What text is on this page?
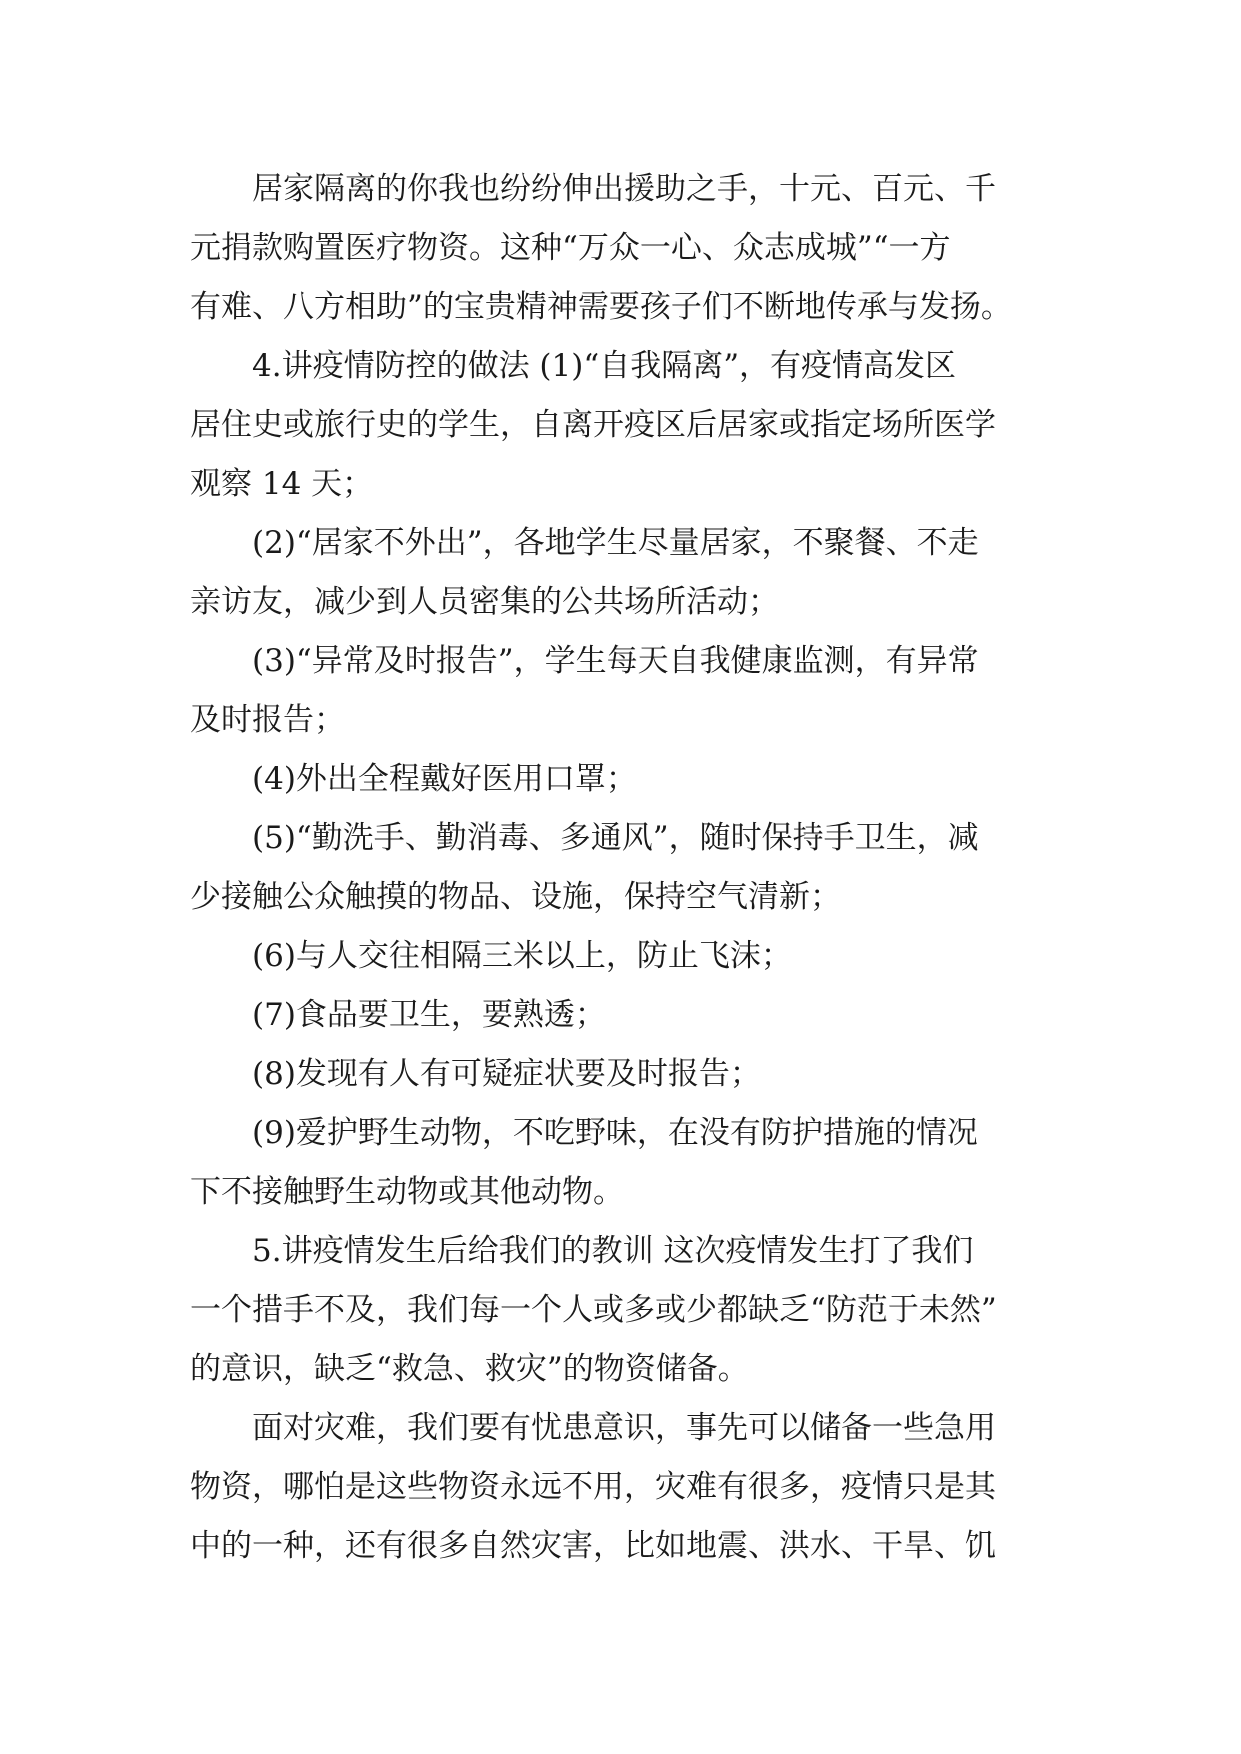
　　居家隔离的你我也纷纷伸出援助之手，十元、百元、千
元捐款购置医疗物资。这种“万众一心、众志成城”“一方
有难、八方相助”的宝贵精神需要孩子们不断地传承与发扬。
　　4.讲疫情防控的做法 (1)“自我隔离”，有疫情高发区
居住史或旅行史的学生，自离开疫区后居家或指定场所医学
观察 14 天；
　　(2)“居家不外出”，各地学生尽量居家，不聚餐、不走
亲访友，减少到人员密集的公共场所活动；
　　(3)“异常及时报告”，学生每天自我健康监测，有异常
及时报告；
　　(4)外出全程戴好医用口罩；
　　(5)“勤洗手、勤消毒、多通风”，随时保持手卫生，减
少接触公众触摸的物品、设施，保持空气清新；
　　(6)与人交往相隔三米以上，防止飞沫；
　　(7)食品要卫生，要熟透；
　　(8)发现有人有可疑症状要及时报告；
　　(9)爱护野生动物，不吃野味，在没有防护措施的情况
下不接触野生动物或其他动物。
　　5.讲疫情发生后给我们的教训 这次疫情发生打了我们
一个措手不及，我们每一个人或多或少都缺乏“防范于未然”
的意识，缺乏“救急、救灾”的物资储备。
　　面对灾难，我们要有忧患意识，事先可以储备一些急用
物资，哪怕是这些物资永远不用，灾难有很多，疫情只是其
中的一种，还有很多自然灾害，比如地震、洪水、干旱、饥
